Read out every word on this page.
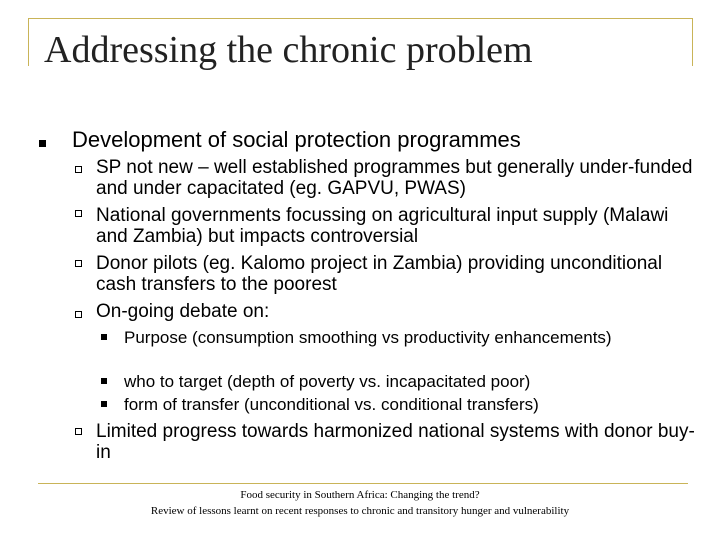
Addressing the chronic problem
Development of social protection programmes
SP not new – well established programmes but generally under-funded and under capacitated (eg. GAPVU, PWAS)
National governments focussing on agricultural input supply (Malawi and Zambia) but impacts controversial
Donor pilots (eg. Kalomo project in Zambia) providing unconditional cash transfers to the poorest
On-going debate on:
Purpose (consumption smoothing vs productivity enhancements)
who to target (depth of poverty vs. incapacitated poor)
form of transfer (unconditional vs. conditional transfers)
Limited progress towards harmonized national systems with donor buy-in
Food security in Southern Africa: Changing the trend?
Review of lessons learnt on recent responses to chronic and transitory hunger and vulnerability
